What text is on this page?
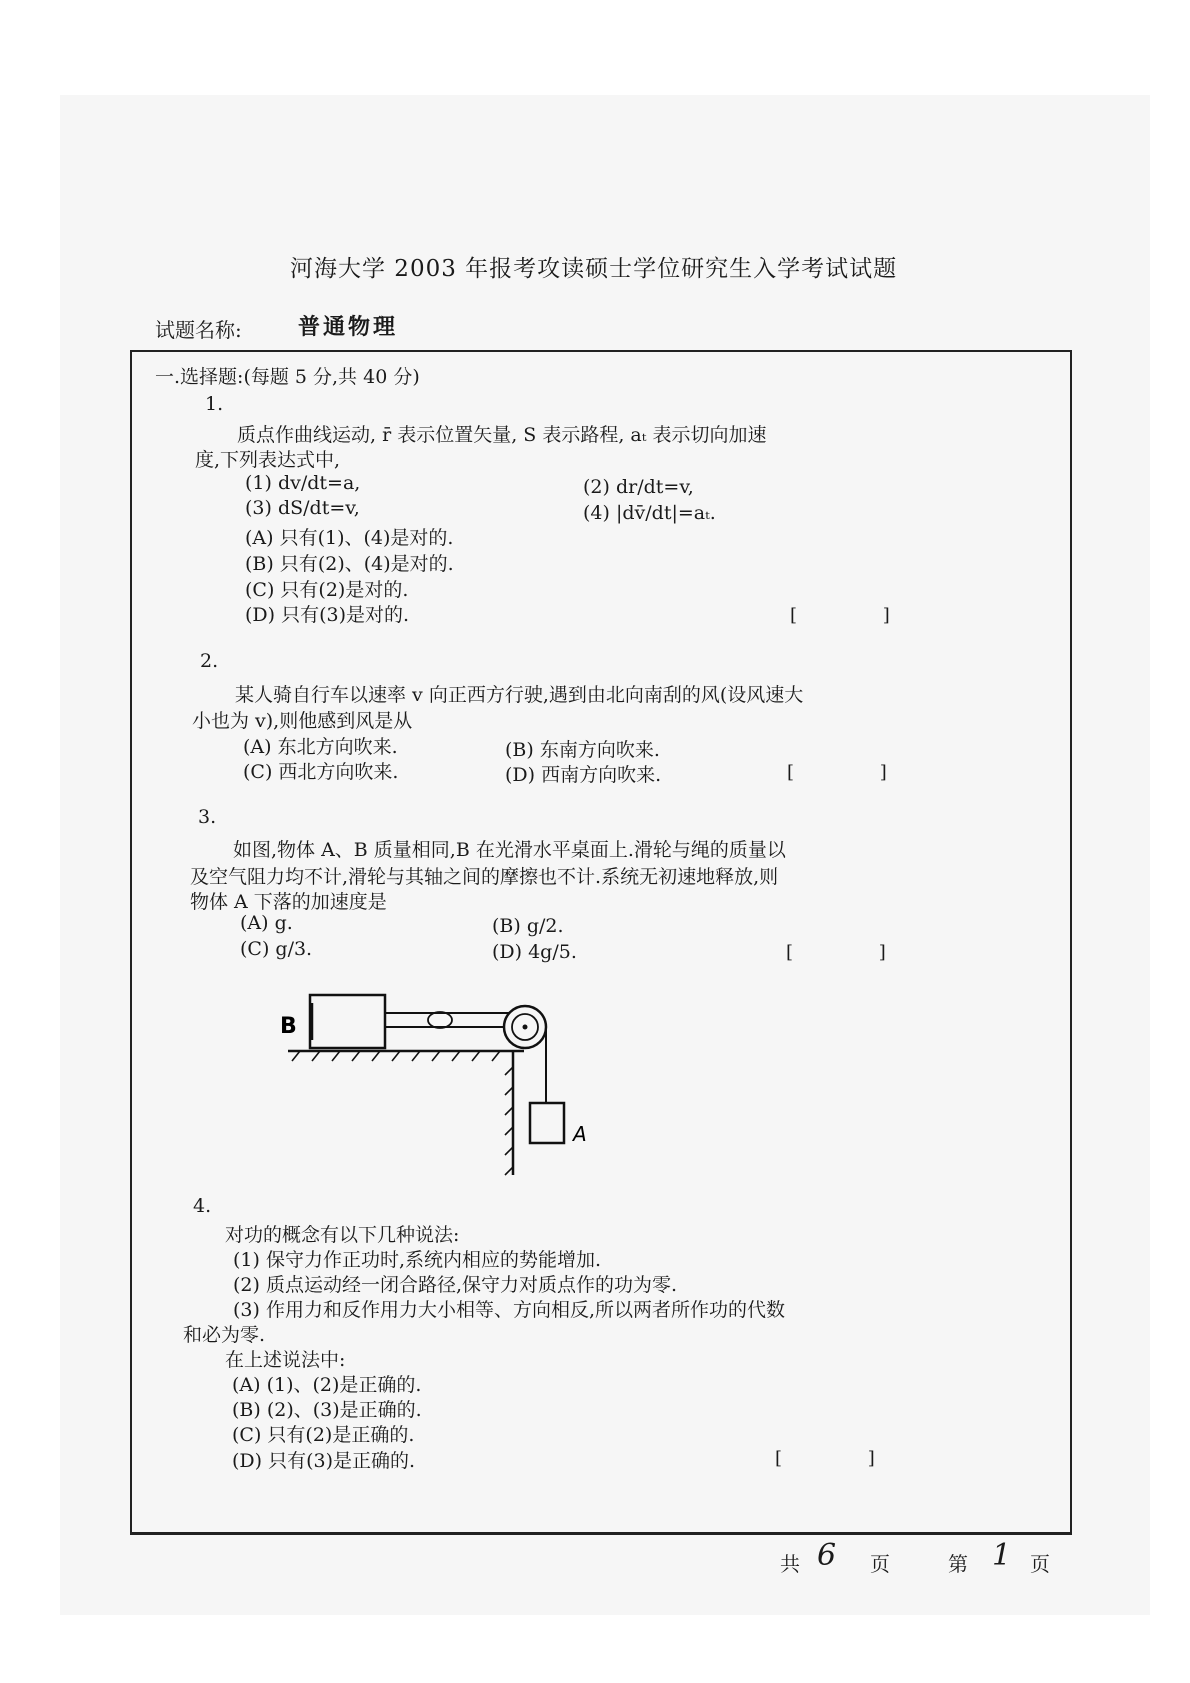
河海大学 2003 年报考攻读硕士学位研究生入学考试试题
试题名称:	普通物理
一.选择题:(每题 5 分,共 40 分)
1.
质点作曲线运动, r̄ 表示位置矢量, S 表示路程, aₜ 表示切向加速
度,下列表达式中,
(1) dv/dt=a,	(2) dr/dt=v,
(3) dS/dt=v,	(4) |dv̄/dt|=aₜ.
(A) 只有(1)、(4)是对的.
(B) 只有(2)、(4)是对的.
(C) 只有(2)是对的.
(D) 只有(3)是对的.	[ ]
2.
某人骑自行车以速率 v 向正西方行驶,遇到由北向南刮的风(设风速大
小也为 v),则他感到风是从
(A) 东北方向吹来.	(B) 东南方向吹来.
(C) 西北方向吹来.	(D) 西南方向吹来.	[ ]
3.
如图,物体 A、B 质量相同,B 在光滑水平桌面上.滑轮与绳的质量以
及空气阻力均不计,滑轮与其轴之间的摩擦也不计.系统无初速地释放,则
物体 A 下落的加速度是
(A) g.	(B) g/2.
(C) g/3.	(D) 4g/5.	[ ]
B
A
4.
对功的概念有以下几种说法:
(1) 保守力作正功时,系统内相应的势能增加.
(2) 质点运动经一闭合路径,保守力对质点作的功为零.
(3) 作用力和反作用力大小相等、方向相反,所以两者所作功的代数
和必为零.
在上述说法中:
(A) (1)、(2)是正确的.
(B) (2)、(3)是正确的.
(C) 只有(2)是正确的.
(D) 只有(3)是正确的.	[ ]
共 6 页	第 1 页
